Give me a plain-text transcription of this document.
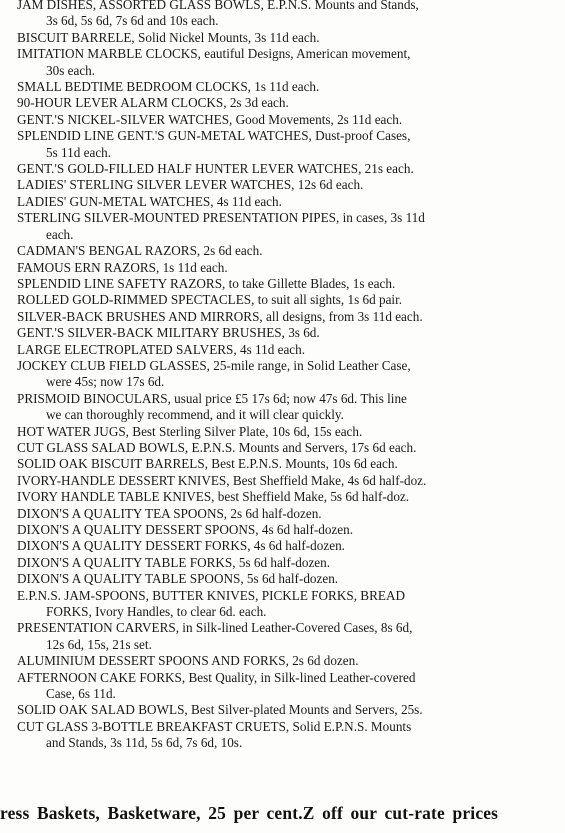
JAM DISHES, ASSORTED GLASS BOWLS, E.P.N.S. Mounts and Stands,
3s 6d, 5s 6d, 7s 6d and 10s each.
BISCUIT BARRELE, Solid Nickel Mounts, 3s 11d each.
IMITATION MARBLE CLOCKS, eautiful Designs, American movement,
30s each.
SMALL BEDTIME BEDROOM CLOCKS, 1s 11d each.
90-HOUR LEVER ALARM CLOCKS, 2s 3d each.
GENT.'S NICKEL-SILVER WATCHES, Good Movements, 2s 11d each.
SPLENDID LINE GENT.'S GUN-METAL WATCHES, Dust-proof Cases,
5s 11d each.
GENT.'S GOLD-FILLED HALF HUNTER LEVER WATCHES, 21s each.
LADIES' STERLING SILVER LEVER WATCHES, 12s 6d each.
LADIES' GUN-METAL WATCHES, 4s 11d each.
STERLING SILVER-MOUNTED PRESENTATION PIPES, in cases, 3s 11d
each.
CADMAN'S BENGAL RAZORS, 2s 6d each.
FAMOUS ERN RAZORS, 1s 11d each.
SPLENDID LINE SAFETY RAZORS, to take Gillette Blades, 1s each.
ROLLED GOLD-RIMMED SPECTACLES, to suit all sights, 1s 6d pair.
SILVER-BACK BRUSHES AND MIRRORS, all designs, from 3s 11d each.
GENT.'S SILVER-BACK MILITARY BRUSHES, 3s 6d.
LARGE ELECTROPLATED SALVERS, 4s 11d each.
JOCKEY CLUB FIELD GLASSES, 25-mile range, in Solid Leather Case,
were 45s; now 17s 6d.
PRISMOID BINOCULARS, usual price £5 17s 6d; now 47s 6d. This line
we can thoroughly recommend, and it will clear quickly.
HOT WATER JUGS, Best Sterling Silver Plate, 10s 6d, 15s each.
CUT GLASS SALAD BOWLS, E.P.N.S. Mounts and Servers, 17s 6d each.
SOLID OAK BISCUIT BARRELS, Best E.P.N.S. Mounts, 10s 6d each.
IVORY-HANDLE DESSERT KNIVES, Best Sheffield Make, 4s 6d half-doz.
IVORY HANDLE TABLE KNIVES, best Sheffield Make, 5s 6d half-doz.
DIXON'S A QUALITY TEA SPOONS, 2s 6d half-dozen.
DIXON'S A QUALITY DESSERT SPOONS, 4s 6d half-dozen.
DIXON'S A QUALITY DESSERT FORKS, 4s 6d half-dozen.
DIXON'S A QUALITY TABLE FORKS, 5s 6d half-dozen.
DIXON'S A QUALITY TABLE SPOONS, 5s 6d half-dozen.
E.P.N.S. JAM-SPOONS, BUTTER KNIVES, PICKLE FORKS, BREAD
FORKS, Ivory Handles, to clear 6d. each.
PRESENTATION CARVERS, in Silk-lined Leather-Covered Cases, 8s 6d,
12s 6d, 15s, 21s set.
ALUMINIUM DESSERT SPOONS AND FORKS, 2s 6d dozen.
AFTERNOON CAKE FORKS, Best Quality, in Silk-lined Leather-covered
Case, 6s 11d.
SOLID OAK SALAD BOWLS, Best Silver-plated Mounts and Servers, 25s.
CUT GLASS 3-BOTTLE BREAKFAST CRUETS, Solid E.P.N.S. Mounts
and Stands, 3s 11d, 5s 6d, 7s 6d, 10s.
ress Baskets, Basketware, 25 per cent.Z off our cut-rate prices
